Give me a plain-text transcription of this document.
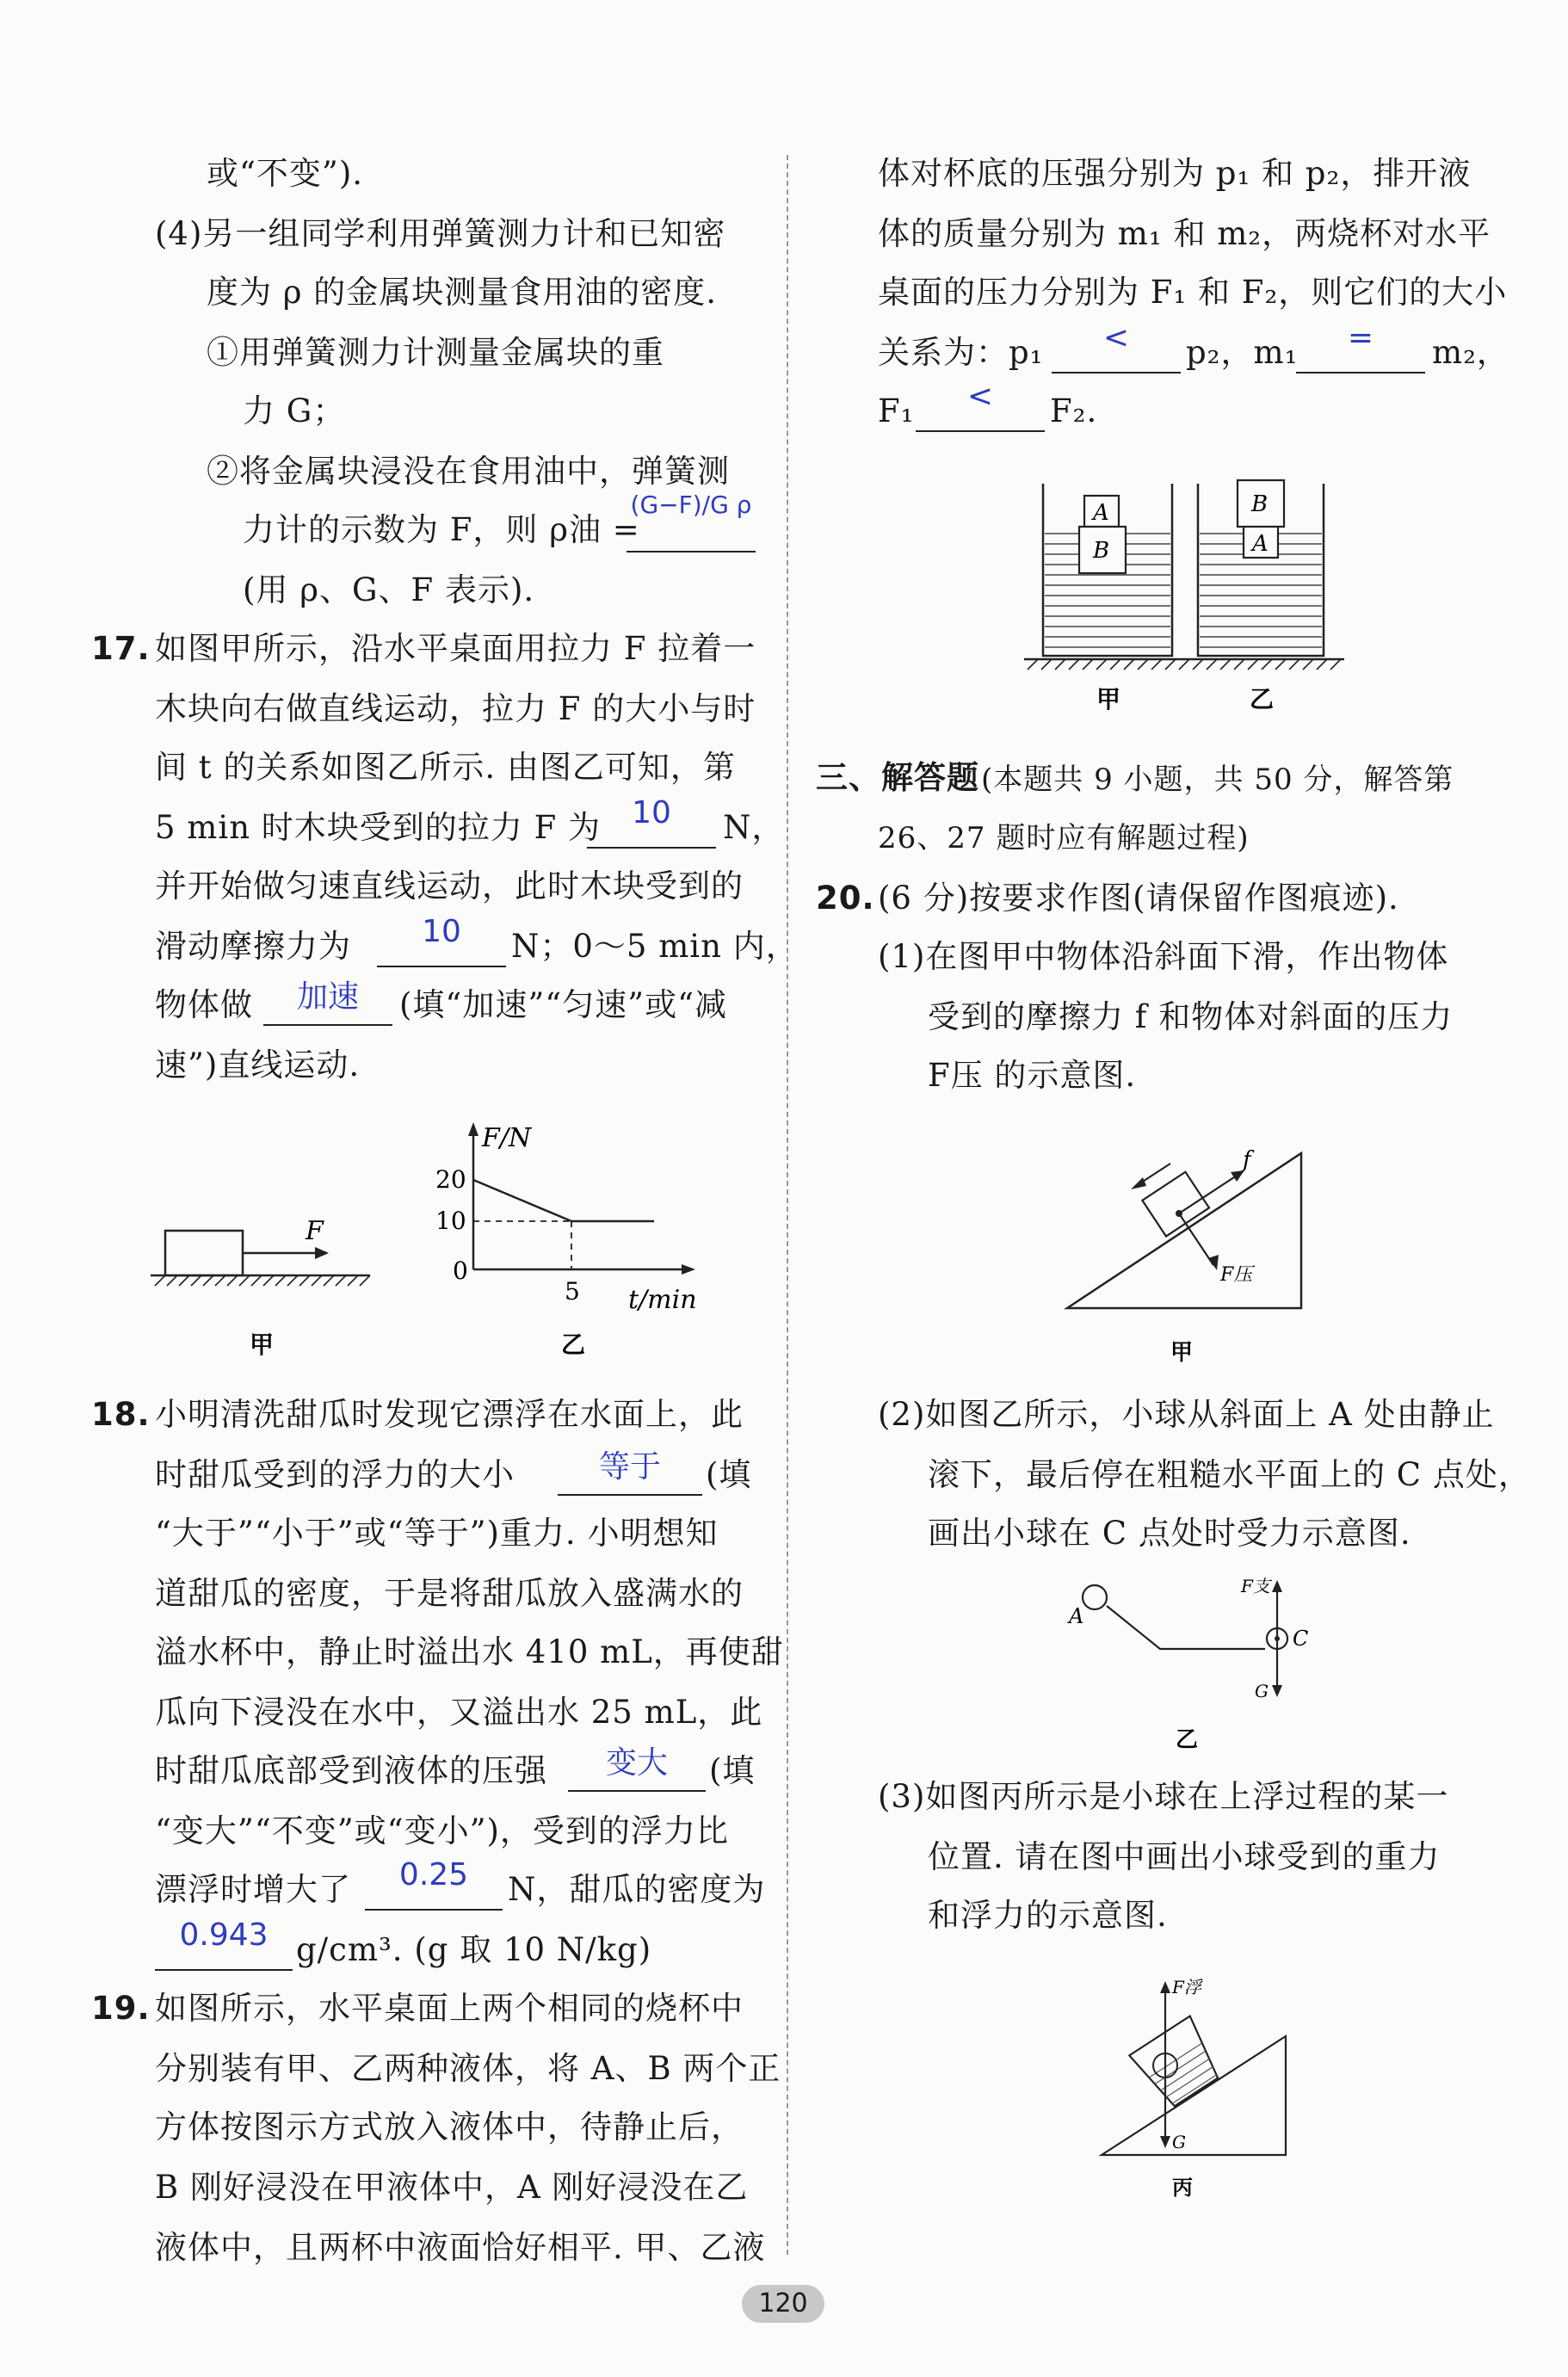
或“不变”).
(4)另一组同学利用弹簧测力计和已知密
度为 ρ 的金属块测量食用油的密度.
①用弹簧测力计测量金属块的重
力 G；
②将金属块浸没在食用油中，弹簧测
力计的示数为 F，则 ρ油 =
(G−F)/G ρ
(用 ρ、G、F 表示).
17. 如图甲所示，沿水平桌面用拉力 F 拉着一
木块向右做直线运动，拉力 F 的大小与时
间 t 的关系如图乙所示. 由图乙可知，第
5 min 时木块受到的拉力 F 为	10	N，
并开始做匀速直线运动，此时木块受到的
滑动摩擦力为	10	N；0～5 min 内，
物体做	加速	(填“加速”“匀速”或“减
速”)直线运动.
F
甲
F/N
t/min
20
10
0
5
乙
18. 小明清洗甜瓜时发现它漂浮在水面上，此
时甜瓜受到的浮力的大小	等于	(填
“大于”“小于”或“等于”)重力. 小明想知
道甜瓜的密度，于是将甜瓜放入盛满水的
溢水杯中，静止时溢出水 410 mL，再使甜
瓜向下浸没在水中，又溢出水 25 mL，此
时甜瓜底部受到液体的压强	变大	(填
“变大”“不变”或“变小”)，受到的浮力比
漂浮时增大了	0.25	N，甜瓜的密度为
0.943 g/cm³. (g 取 10 N/kg)
19. 如图所示，水平桌面上两个相同的烧杯中
分别装有甲、乙两种液体，将 A、B 两个正
方体按图示方式放入液体中，待静止后，
B 刚好浸没在甲液体中，A 刚好浸没在乙
液体中，且两杯中液面恰好相平. 甲、乙液
体对杯底的压强分别为 p₁ 和 p₂，排开液
体的质量分别为 m₁ 和 m₂，两烧杯对水平
桌面的压力分别为 F₁ 和 F₂，则它们的大小
关系为：p₁	<	p₂，m₁	=	m₂，
F₁	<	F₂.
A
B
甲
B
A
乙
三、解答题 (本题共 9 小题，共 50 分，解答第
26、27 题时应有解题过程)
20. (6 分)按要求作图(请保留作图痕迹).
(1)在图甲中物体沿斜面下滑，作出物体
受到的摩擦力 f 和物体对斜面的压力
F压 的示意图.
f
F压
甲
(2)如图乙所示，小球从斜面上 A 处由静止
滚下，最后停在粗糙水平面上的 C 点处，
画出小球在 C 点处时受力示意图.
A
C
F支
G
乙
(3)如图丙所示是小球在上浮过程的某一
位置. 请在图中画出小球受到的重力
和浮力的示意图.
F浮
G
丙
120
